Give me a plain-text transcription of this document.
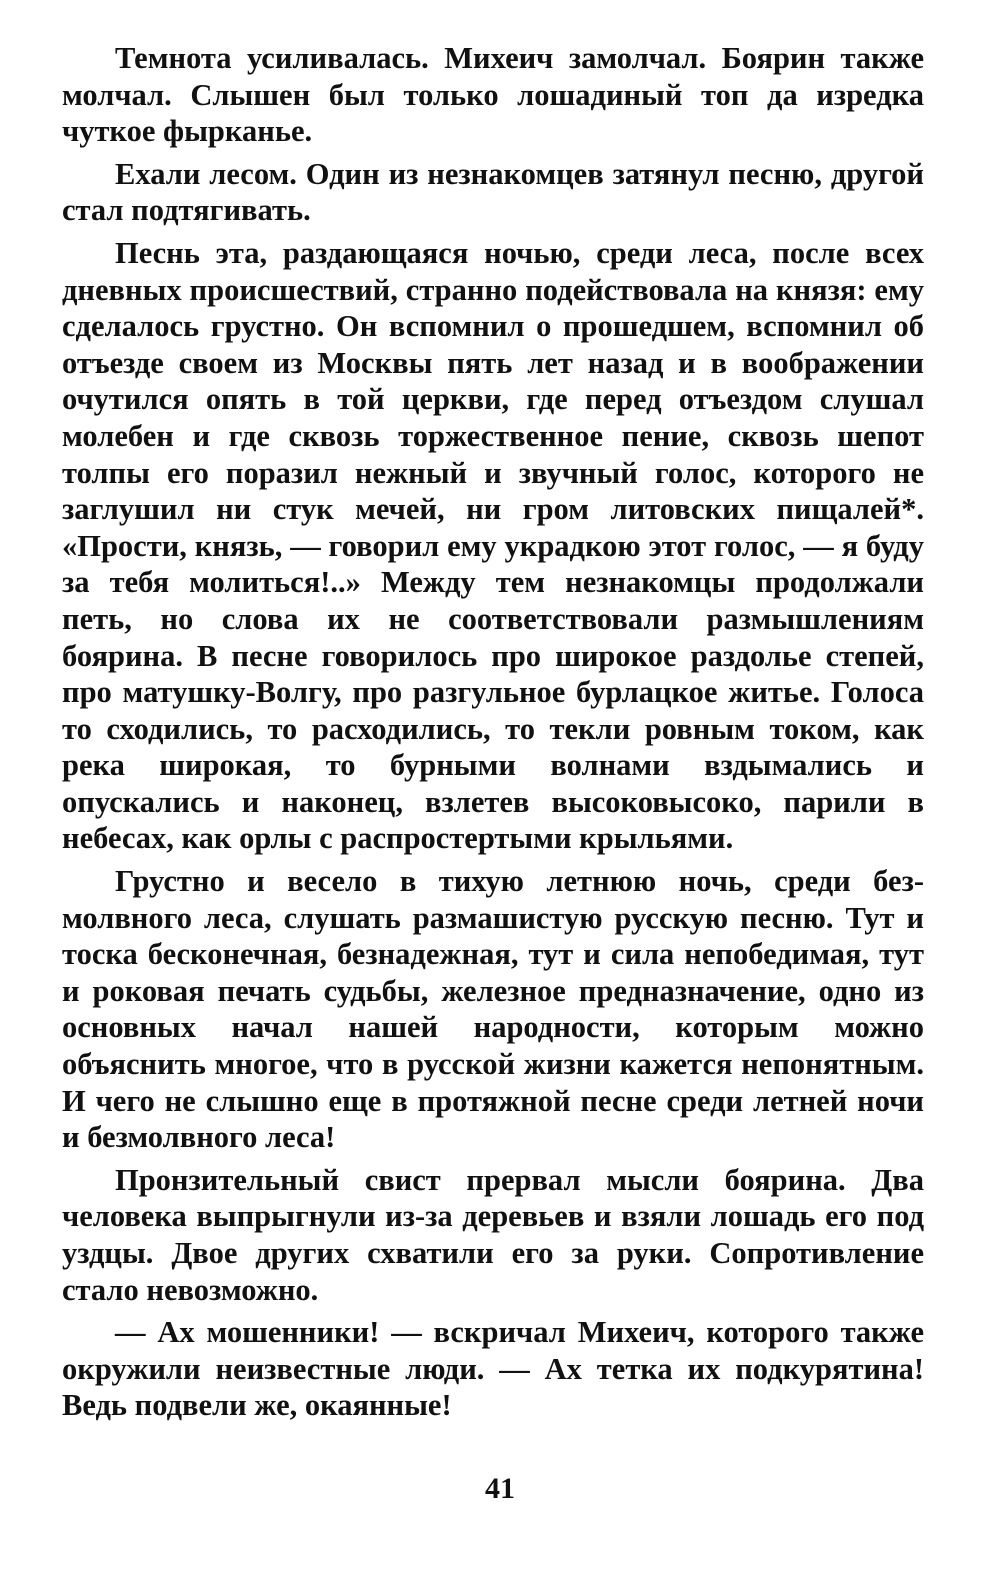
Темнота усиливалась. Михеич замолчал. Боярин также молчал. Слышен был только лошадиный топ да изредка чуткое фырканье.

Ехали лесом. Один из незнакомцев затянул песню, другой стал подтягивать.

Песнь эта, раздающаяся ночью, среди леса, после всех дневных происшествий, странно подействовала на князя: ему сделалось грустно. Он вспомнил о прошедшем, вспомнил об отъезде своем из Москвы пять лет назад и в воображении очутился опять в той церкви, где перед отъездом слушал молебен и где сквозь торжественное пение, сквозь шепот толпы его поразил нежный и звучный голос, которого не заглушил ни стук мечей, ни гром литовских пищалей*. «Прости, князь, — говорил ему украдкою этот голос, — я буду за тебя молиться!..» Между тем незнакомцы продолжали петь, но слова их не соответствовали размышлениям боярина. В песне говорилось про широкое раздолье степей, про матушку-Волгу, про разгульное бурлацкое житье. Голоса то сходились, то расходились, то текли ровным током, как река широкая, то бурными волнами вздымались и опускались и наконец, взлетев высоковысоко, парили в небесах, как орлы с распростертыми крыльями.

Грустно и весело в тихую летнюю ночь, среди безмолвного леса, слушать размашистую русскую песню. Тут и тоска бесконечная, безнадежная, тут и сила непобедимая, тут и роковая печать судьбы, железное предназначение, одно из основных начал нашей народности, которым можно объяснить многое, что в русской жизни кажется непонятным. И чего не слышно еще в протяжной песне среди летней ночи и безмолвного леса!

Пронзительный свист прервал мысли боярина. Два человека выпрыгнули из-за деревьев и взяли лошадь его под уздцы. Двое других схватили его за руки. Сопротивление стало невозможно.

— Ах мошенники! — вскричал Михеич, которого также окружили неизвестные люди. — Ах тетка их подкурятина! Ведь подвели же, окаянные!

41
